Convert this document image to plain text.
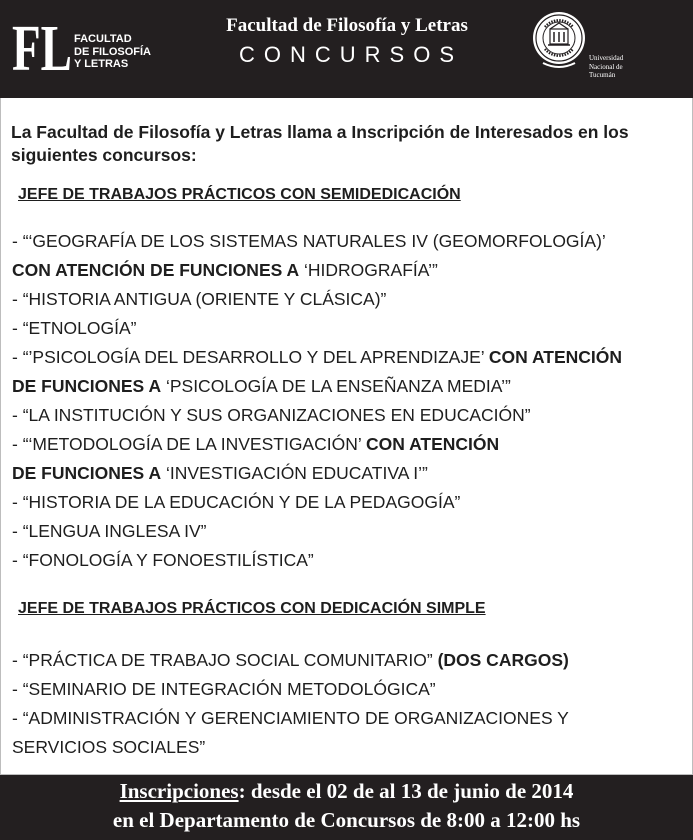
FL FACULTAD
DE FILOSOFÍA
Y LETRAS
Facultad de Filosofía y Letras
CONCURSOS	Universidad
Nacional de
Tucumán
La Facultad de Filosofía y Letras llama a Inscripción de Interesados en los siguientes concursos:
JEFE DE TRABAJOS PRÁCTICOS CON SEMIDEDICACIÓN
- “‘GEOGRAFÍA DE LOS SISTEMAS NATURALES IV (GEOMORFOLOGÍA)’
CON ATENCIÓN DE FUNCIONES A ‘HIDROGRAFÍA’”
- “HISTORIA ANTIGUA (ORIENTE Y CLÁSICA)”
- “ETNOLOGÍA”
- “’PSICOLOGÍA DEL DESARROLLO Y DEL APRENDIZAJE’ CON ATENCIÓN
DE FUNCIONES A ‘PSICOLOGÍA DE LA ENSEÑANZA MEDIA’”
- “LA INSTITUCIÓN Y SUS ORGANIZACIONES EN EDUCACIÓN”
- “‘METODOLOGÍA DE LA INVESTIGACIÓN’ CON ATENCIÓN
DE FUNCIONES A ‘INVESTIGACIÓN EDUCATIVA I’”
- “HISTORIA DE LA EDUCACIÓN Y DE LA PEDAGOGÍA”
- “LENGUA INGLESA IV”
- “FONOLOGÍA Y FONOESTILÍSTICA”
JEFE DE TRABAJOS PRÁCTICOS CON DEDICACIÓN SIMPLE
- “PRÁCTICA DE TRABAJO SOCIAL COMUNITARIO” (DOS CARGOS)
- “SEMINARIO DE INTEGRACIÓN METODOLÓGICA”
- “ADMINISTRACIÓN Y GERENCIAMIENTO DE ORGANIZACIONES Y
SERVICIOS SOCIALES”
Inscripciones: desde el 02 de al 13 de junio de 2014
en el Departamento de Concursos de 8:00 a 12:00 hs
